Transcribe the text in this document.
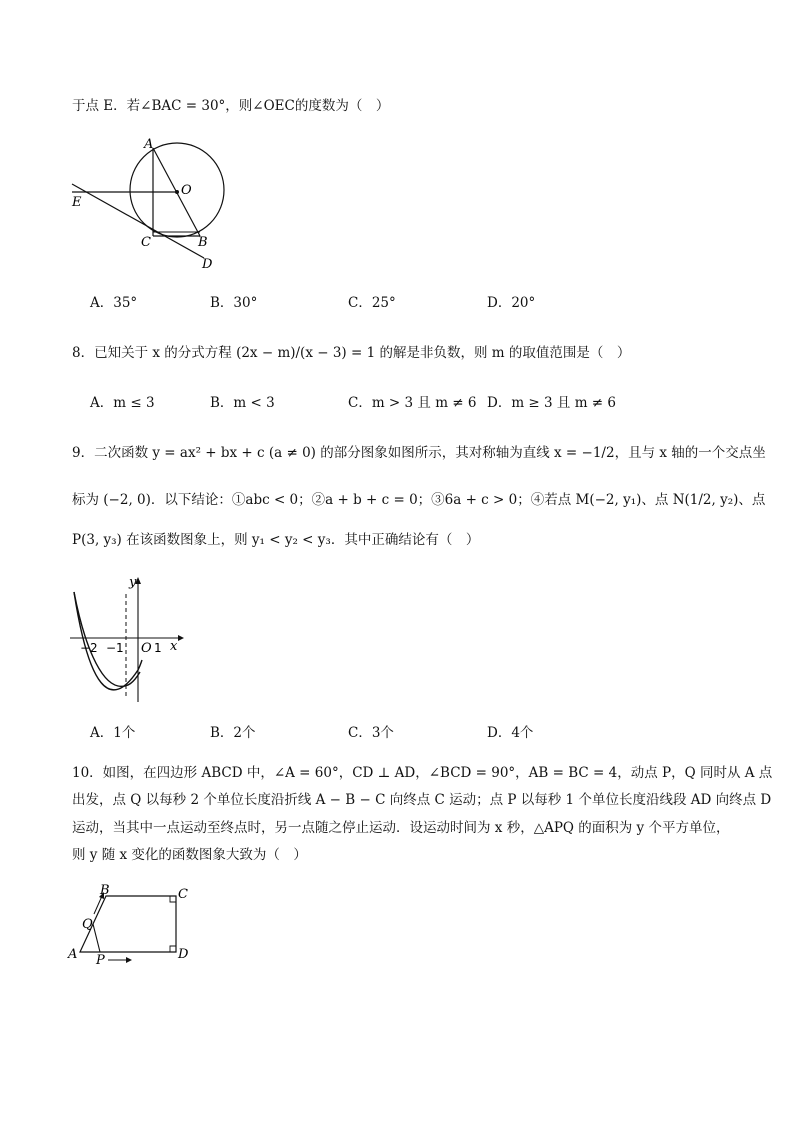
于点 E．若∠BAC = 30°，则∠OEC的度数为（　）
A
O
E
C	B
D
A．35°	B．30°	C．25°	D．20°
8．已知关于 x 的分式方程 (2x − m)/(x − 3) = 1 的解是非负数，则 m 的取值范围是（　）
A．m ≤ 3	B．m < 3	C．m > 3 且 m ≠ 6 D．m ≥ 3 且 m ≠ 6
9．二次函数 y = ax² + bx + c (a ≠ 0) 的部分图象如图所示，其对称轴为直线 x = −1/2，且与 x 轴的一个交点坐
标为 (−2, 0)．以下结论：①abc < 0；②a + b + c = 0；③6a + c > 0；④若点 M(−2, y₁)、点 N(1/2, y₂)、点
P(3, y₃) 在该函数图象上，则 y₁ < y₂ < y₃．其中正确结论有（　）
y
x
O
−2 −1	1
A．1个	B．2个	C．3个	D．4个
10．如图，在四边形 ABCD 中，∠A = 60°，CD ⊥ AD，∠BCD = 90°，AB = BC = 4，动点 P，Q 同时从 A 点
出发，点 Q 以每秒 2 个单位长度沿折线 A − B − C 向终点 C 运动；点 P 以每秒 1 个单位长度沿线段 AD 向终点 D
运动，当其中一点运动至终点时，另一点随之停止运动．设运动时间为 x 秒，△APQ 的面积为 y 个平方单位，
则 y 随 x 变化的函数图象大致为（　）
A
B	C
D
Q
P
